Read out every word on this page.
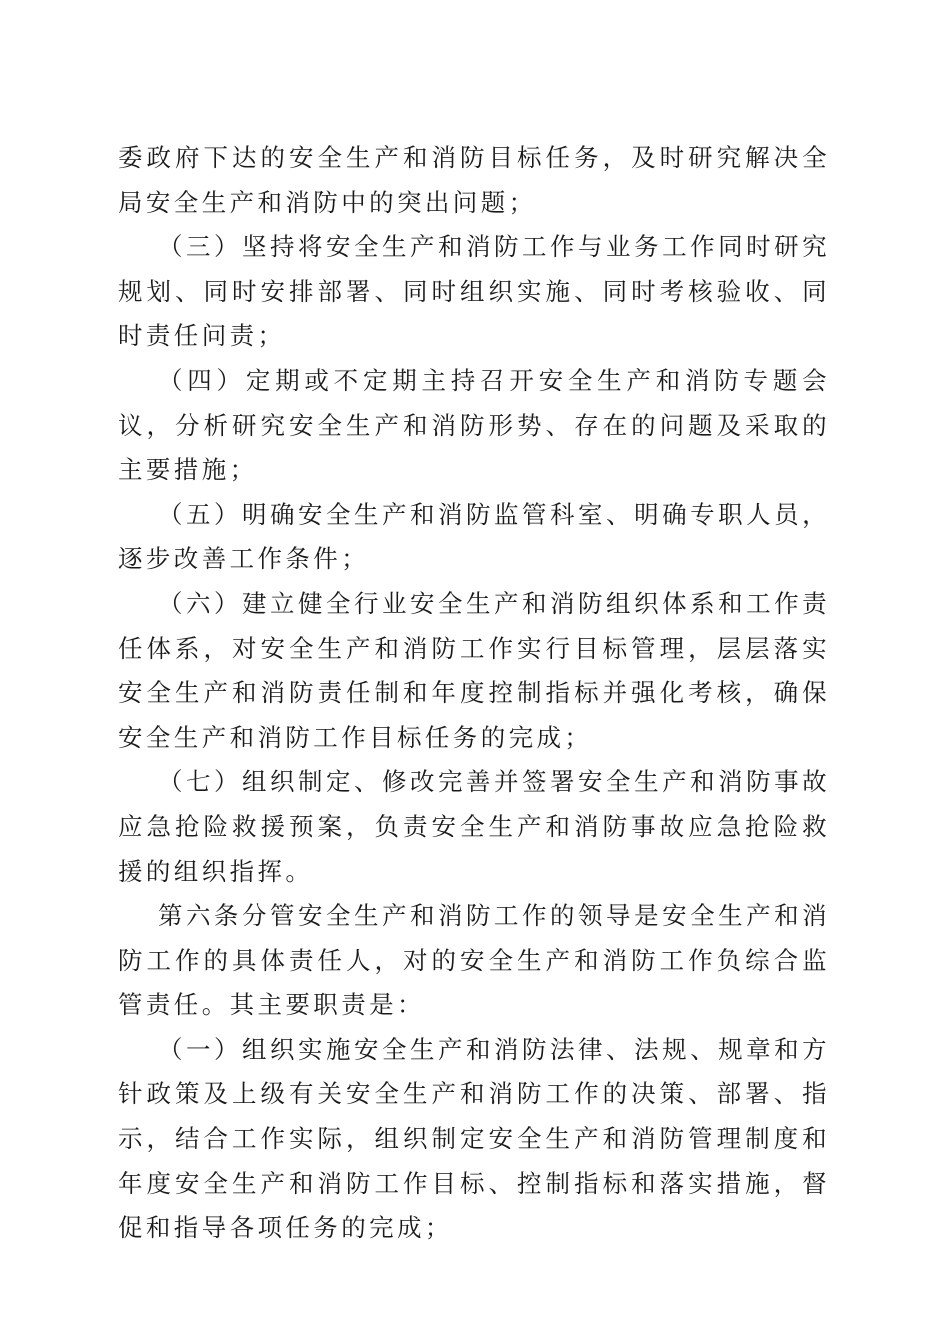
委政府下达的安全生产和消防目标任务，及时研究解决全局安全生产和消防中的突出问题；

（三）坚持将安全生产和消防工作与业务工作同时研究规划、同时安排部署、同时组织实施、同时考核验收、同时责任问责；

（四）定期或不定期主持召开安全生产和消防专题会议，分析研究安全生产和消防形势、存在的问题及采取的主要措施；

（五）明确安全生产和消防监管科室、明确专职人员，逐步改善工作条件；

（六）建立健全行业安全生产和消防组织体系和工作责任体系，对安全生产和消防工作实行目标管理，层层落实安全生产和消防责任制和年度控制指标并强化考核，确保安全生产和消防工作目标任务的完成；

（七）组织制定、修改完善并签署安全生产和消防事故应急抢险救援预案，负责安全生产和消防事故应急抢险救援的组织指挥。

第六条分管安全生产和消防工作的领导是安全生产和消防工作的具体责任人，对的安全生产和消防工作负综合监管责任。其主要职责是：

（一）组织实施安全生产和消防法律、法规、规章和方针政策及上级有关安全生产和消防工作的决策、部署、指示，结合工作实际，组织制定安全生产和消防管理制度和年度安全生产和消防工作目标、控制指标和落实措施，督促和指导各项任务的完成；
